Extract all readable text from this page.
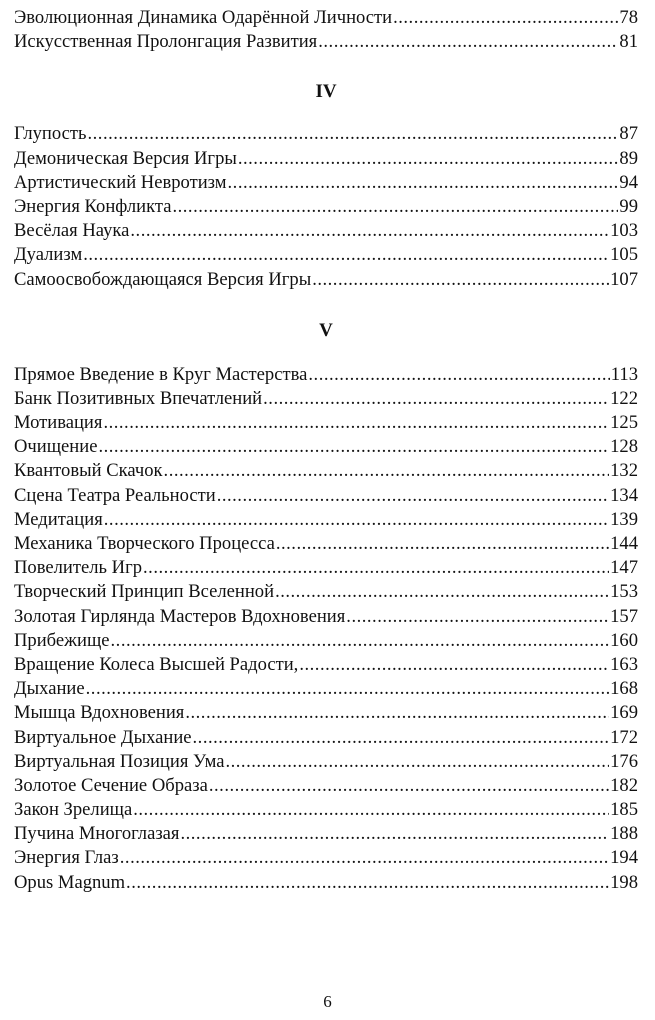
Эволюционная Динамика Одарённой Личности .....	78
Искусственная Пролонгация Развития .....	81
IV
Глупость .....	87
Демоническая Версия Игры .....	89
Артистический Невротизм .....	94
Энергия Конфликта .....	99
Весёлая Наука .....	103
Дуализм .....	105
Самоосвобождающаяся Версия Игры .....	107
V
Прямое Введение в Круг Мастерства .....	113
Банк Позитивных Впечатлений .....	122
Мотивация .....	125
Очищение .....	128
Квантовый Скачок .....	132
Сцена Театра Реальности .....	134
Медитация .....	139
Механика Творческого Процесса .....	144
Повелитель Игр .....	147
Творческий Принцип Вселенной .....	153
Золотая Гирлянда Мастеров Вдохновения .....	157
Прибежище .....	160
Вращение Колеса Высшей Радости, .....	163
Дыхание .....	168
Мышца Вдохновения .....	169
Виртуальное Дыхание .....	172
Виртуальная Позиция Ума .....	176
Золотое Сечение Образа .....	182
Закон Зрелища .....	185
Пучина Многоглазая .....	188
Энергия Глаз .....	194
Opus Magnum .....	198
6
